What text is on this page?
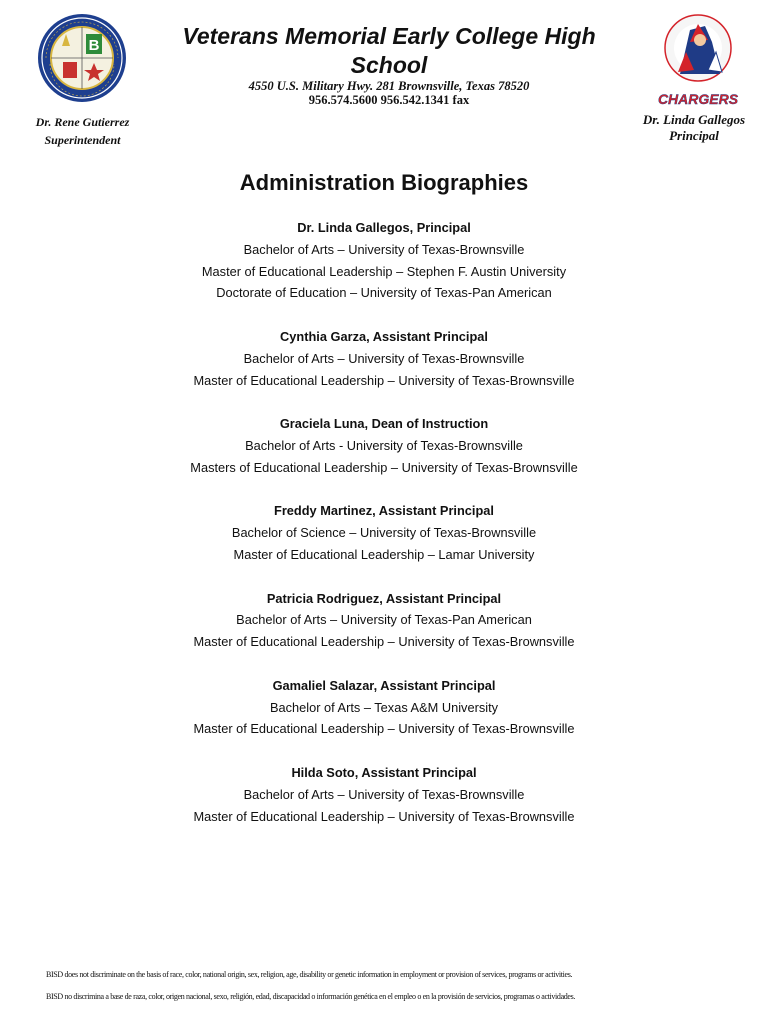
B
CHARGERS
Veterans Memorial Early College High School
4550 U.S. Military Hwy. 281 Brownsville, Texas 78520
956.574.5600 956.542.1341 fax
Dr. Rene Gutierrez
Superintendent
Dr. Linda Gallegos
Principal
Administration Biographies
Dr. Linda Gallegos, Principal
Bachelor of Arts – University of Texas-Brownsville
Master of Educational Leadership – Stephen F. Austin University
Doctorate of Education – University of Texas-Pan American
Cynthia Garza, Assistant Principal
Bachelor of Arts – University of Texas-Brownsville
Master of Educational Leadership – University of Texas-Brownsville
Graciela Luna, Dean of Instruction
Bachelor of Arts - University of Texas-Brownsville
Masters of Educational Leadership – University of Texas-Brownsville
Freddy Martinez, Assistant Principal
Bachelor of Science – University of Texas-Brownsville
Master of Educational Leadership – Lamar University
Patricia Rodriguez, Assistant Principal
Bachelor of Arts – University of Texas-Pan American
Master of Educational Leadership – University of Texas-Brownsville
Gamaliel Salazar, Assistant Principal
Bachelor of Arts – Texas A&M University
Master of Educational Leadership – University of Texas-Brownsville
Hilda Soto, Assistant Principal
Bachelor of Arts – University of Texas-Brownsville
Master of Educational Leadership – University of Texas-Brownsville
BISD does not discriminate on the basis of race, color, national origin, sex, religion, age, disability or genetic information in employment or provision of services, programs or activities.
BISD no discrimina a base de raza, color, origen nacional, sexo, religión, edad, discapacidad o información genética en el empleo o en la provisión de servicios, programas o actividades.
